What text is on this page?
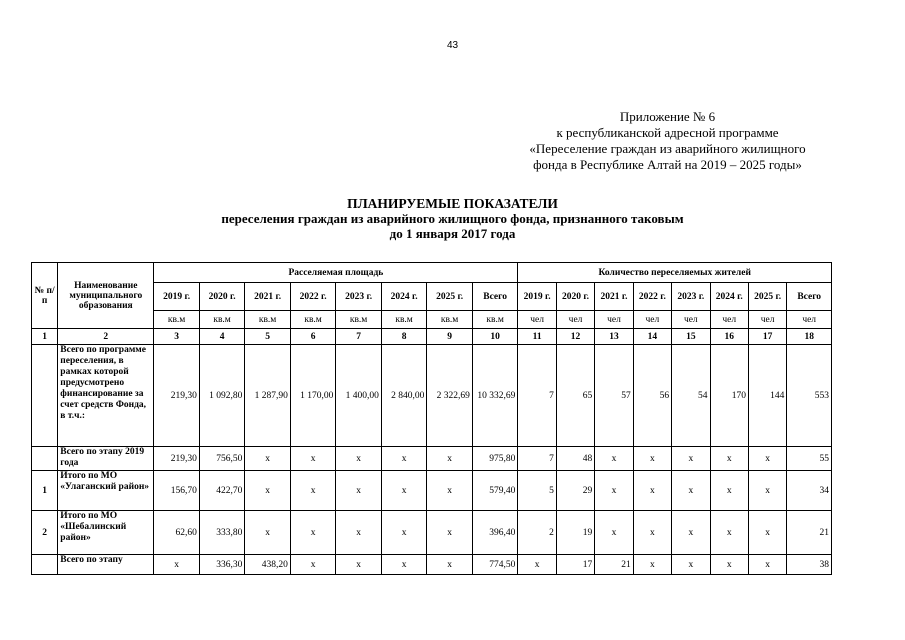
43
Приложение № 6
к республиканской адресной программе
«Переселение граждан из аварийного жилищного
фонда в Республике Алтай на 2019 – 2025 годы»
ПЛАНИРУЕМЫЕ ПОКАЗАТЕЛИ
переселения граждан из аварийного жилищного фонда, признанного таковым
до 1 января 2017 года
№ п/п	Наименование муниципального образования	Расселяемая площадь								Количество переселяемых жителей							
		2019 г.	2020 г.	2021 г.	2022 г.	2023 г.	2024 г.	2025 г.	Всего	2019 г.	2020 г.	2021 г.	2022 г.	2023 г.	2024 г.	2025 г.	Всего
		кв.м	кв.м	кв.м	кв.м	кв.м	кв.м	кв.м	кв.м	чел	чел	чел	чел	чел	чел	чел	чел
1	2	3	4	5	6	7	8	9	10	11	12	13	14	15	16	17	18
	Всего по программе переселения, в рамках которой предусмотрено финансирование за счет средств Фонда, в т.ч.:	219,30	1 092,80	1 287,90	1 170,00	1 400,00	2 840,00	2 322,69	10 332,69	7	65	57	56	54	170	144	553
	Всего по этапу 2019 года	219,30	756,50	х	х	х	х	х	975,80	7	48	х	х	х	х	х	55
1	Итого по МО «Улаганский район»	156,70	422,70	х	х	х	х	х	579,40	5	29	х	х	х	х	х	34
2	Итого по МО «Шебалинский район»	62,60	333,80	х	х	х	х	х	396,40	2	19	х	х	х	х	х	21
	Всего по этапу	х	336,30	438,20	х	х	х	х	774,50	х	17	21	х	х	х	х	38
